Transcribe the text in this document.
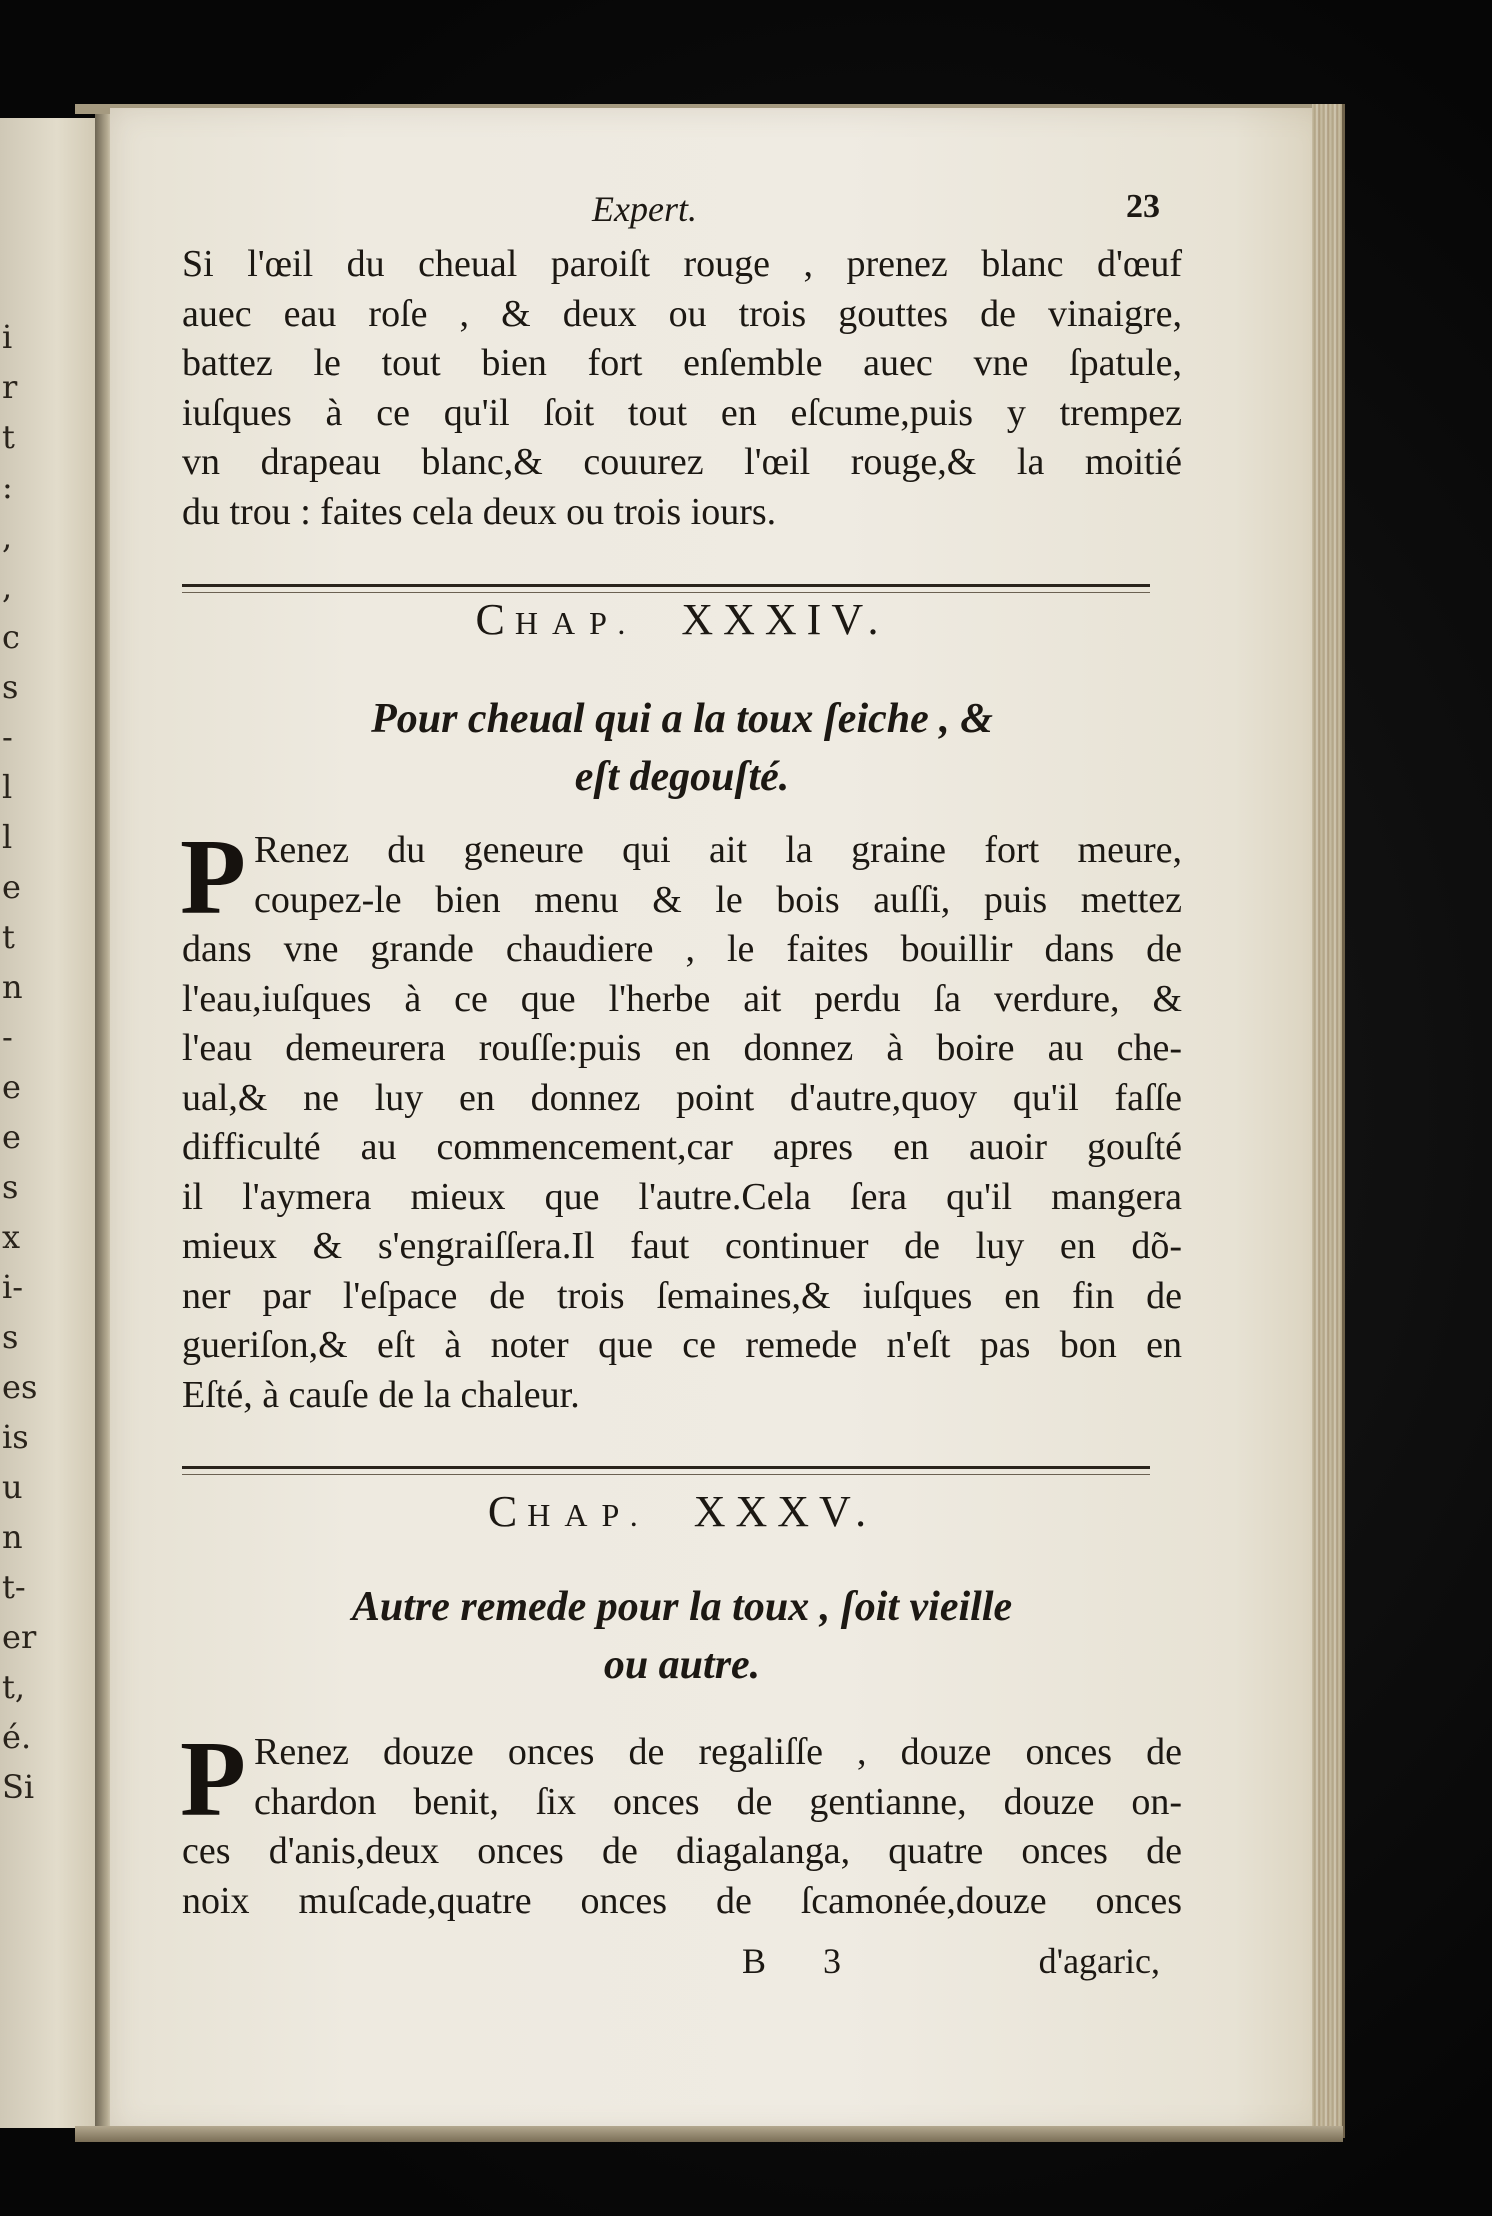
i
r
t
:
,
,
c
s
-
l
l
e
t
n
-
e
e
s
x
i-
s
es
is
u
n
t-
er
t,
é.
Si
Expert.	23
Si l'œil du cheual paroiſt rouge , prenez blanc d'œuf
auec eau roſe , & deux ou trois gouttes de vinaigre,
battez le tout bien fort enſemble auec vne ſpatule,
iuſques à ce qu'il ſoit tout en eſcume,puis y trempez
vn drapeau blanc,& couurez l'œil rouge,& la moitié
du trou : faites cela deux ou trois iours.
CHAP. XXXIV.
Pour cheual qui a la toux ſeiche , &
eſt degouſté.
P Renez du geneure qui ait la graine fort meure,
coupez-le bien menu & le bois auſſi, puis mettez
dans vne grande chaudiere , le faites bouillir dans de
l'eau,iuſques à ce que l'herbe ait perdu ſa verdure, &
l'eau demeurera rouſſe:puis en donnez à boire au che-
ual,& ne luy en donnez point d'autre,quoy qu'il faſſe
difficulté au commencement,car apres en auoir gouſté
il l'aymera mieux que l'autre.Cela ſera qu'il mangera
mieux & s'engraiſſera.Il faut continuer de luy en dõ-
ner par l'eſpace de trois ſemaines,& iuſques en fin de
gueriſon,& eſt à noter que ce remede n'eſt pas bon en
Eſté, à cauſe de la chaleur.
CHAP. XXXV.
Autre remede pour la toux , ſoit vieille
ou autre.
P Renez douze onces de regaliſſe , douze onces de
chardon benit, ſix onces de gentianne, douze on-
ces d'anis,deux onces de diagalanga, quatre onces de
noix muſcade,quatre onces de ſcamonée,douze onces
B 3	d'agaric,
